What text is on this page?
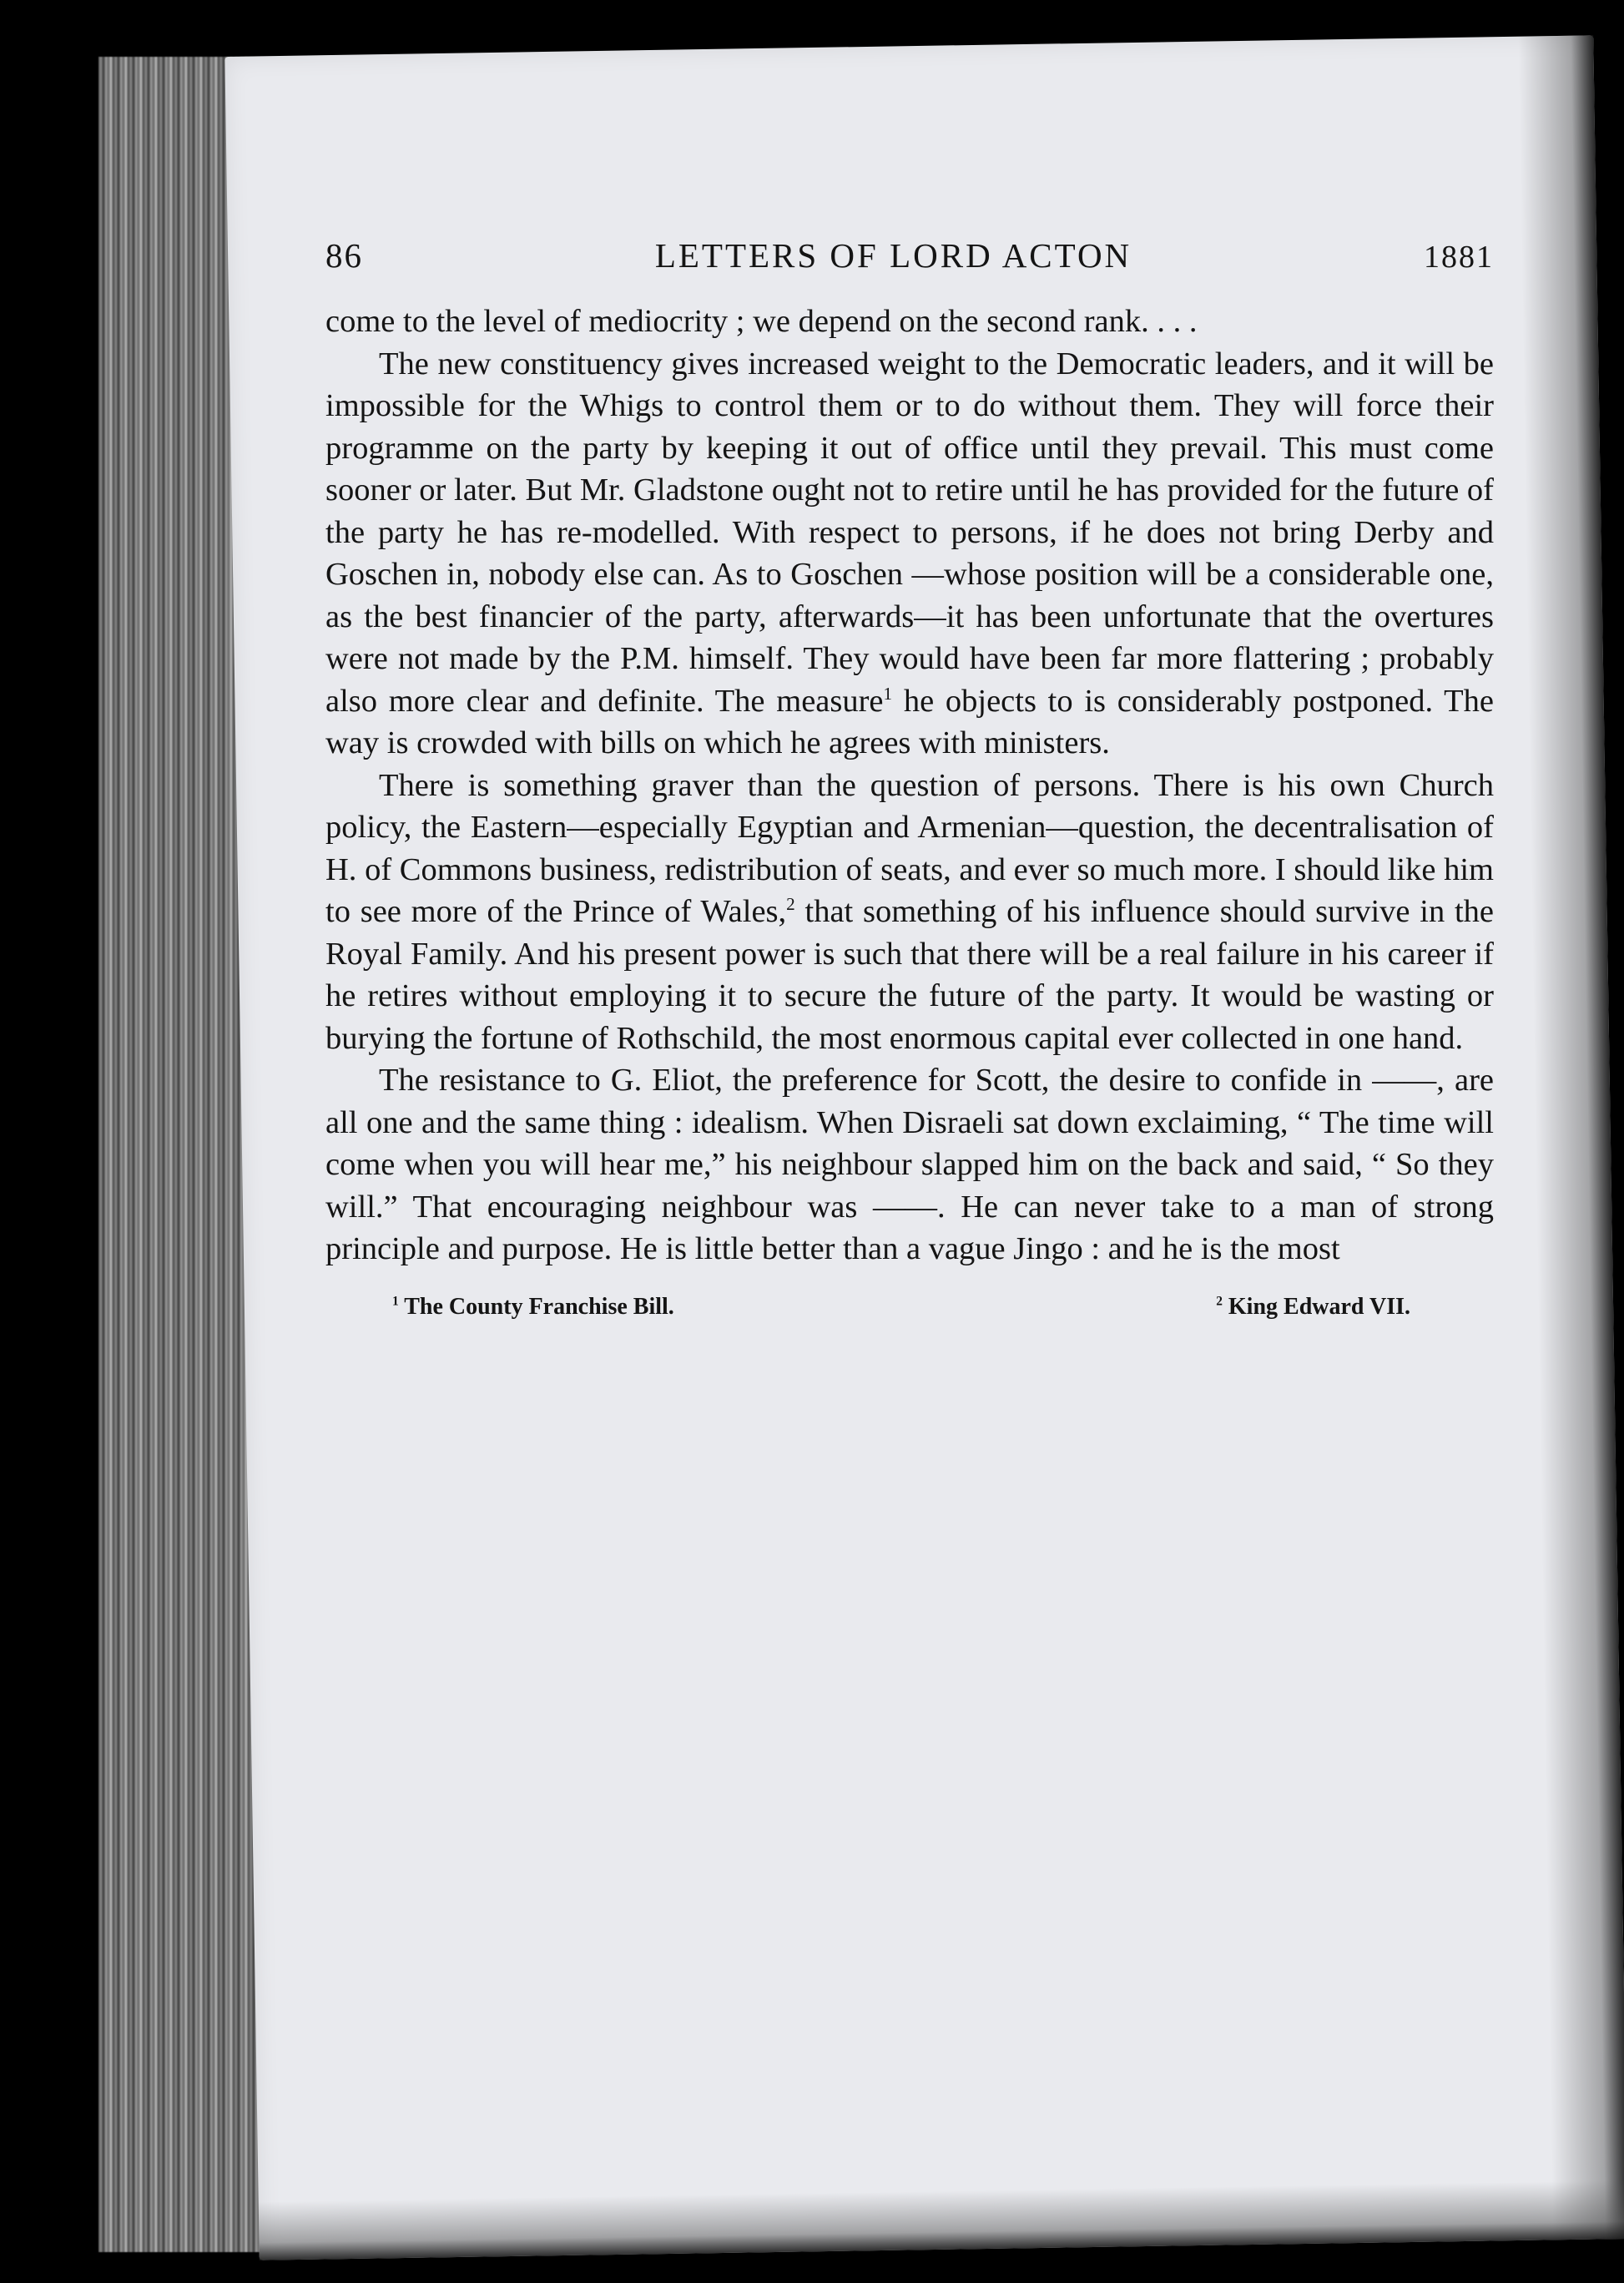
86	LETTERS OF LORD ACTON	1881

come to the level of mediocrity ; we depend on the second rank. . . .

The new constituency gives increased weight to the Democratic leaders, and it will be impossible for the Whigs to control them or to do without them. They will force their programme on the party by keeping it out of office until they prevail. This must come sooner or later. But Mr. Gladstone ought not to retire until he has provided for the future of the party he has re-modelled. With respect to persons, if he does not bring Derby and Goschen in, nobody else can. As to Goschen —whose position will be a considerable one, as the best financier of the party, afterwards—it has been unfortunate that the overtures were not made by the P.M. himself. They would have been far more flattering ; probably also more clear and definite. The measure$^1$ he objects to is considerably postponed. The way is crowded with bills on which he agrees with ministers.

There is something graver than the question of persons. There is his own Church policy, the Eastern—especially Egyptian and Armenian—question, the decentralisation of H. of Commons business, redistribution of seats, and ever so much more. I should like him to see more of the Prince of Wales,$^2$ that something of his influence should survive in the Royal Family. And his present power is such that there will be a real failure in his career if he retires without employing it to secure the future of the party. It would be wasting or burying the fortune of Rothschild, the most enormous capital ever collected in one hand.

The resistance to G. Eliot, the preference for Scott, the desire to confide in ——, are all one and the same thing : idealism. When Disraeli sat down exclaiming, “ The time will come when you will hear me,” his neighbour slapped him on the back and said, “ So they will.” That encouraging neighbour was ——. He can never take to a man of strong principle and purpose. He is little better than a vague Jingo : and he is the most

$^1$ The County Franchise Bill.	$^2$ King Edward VII.
